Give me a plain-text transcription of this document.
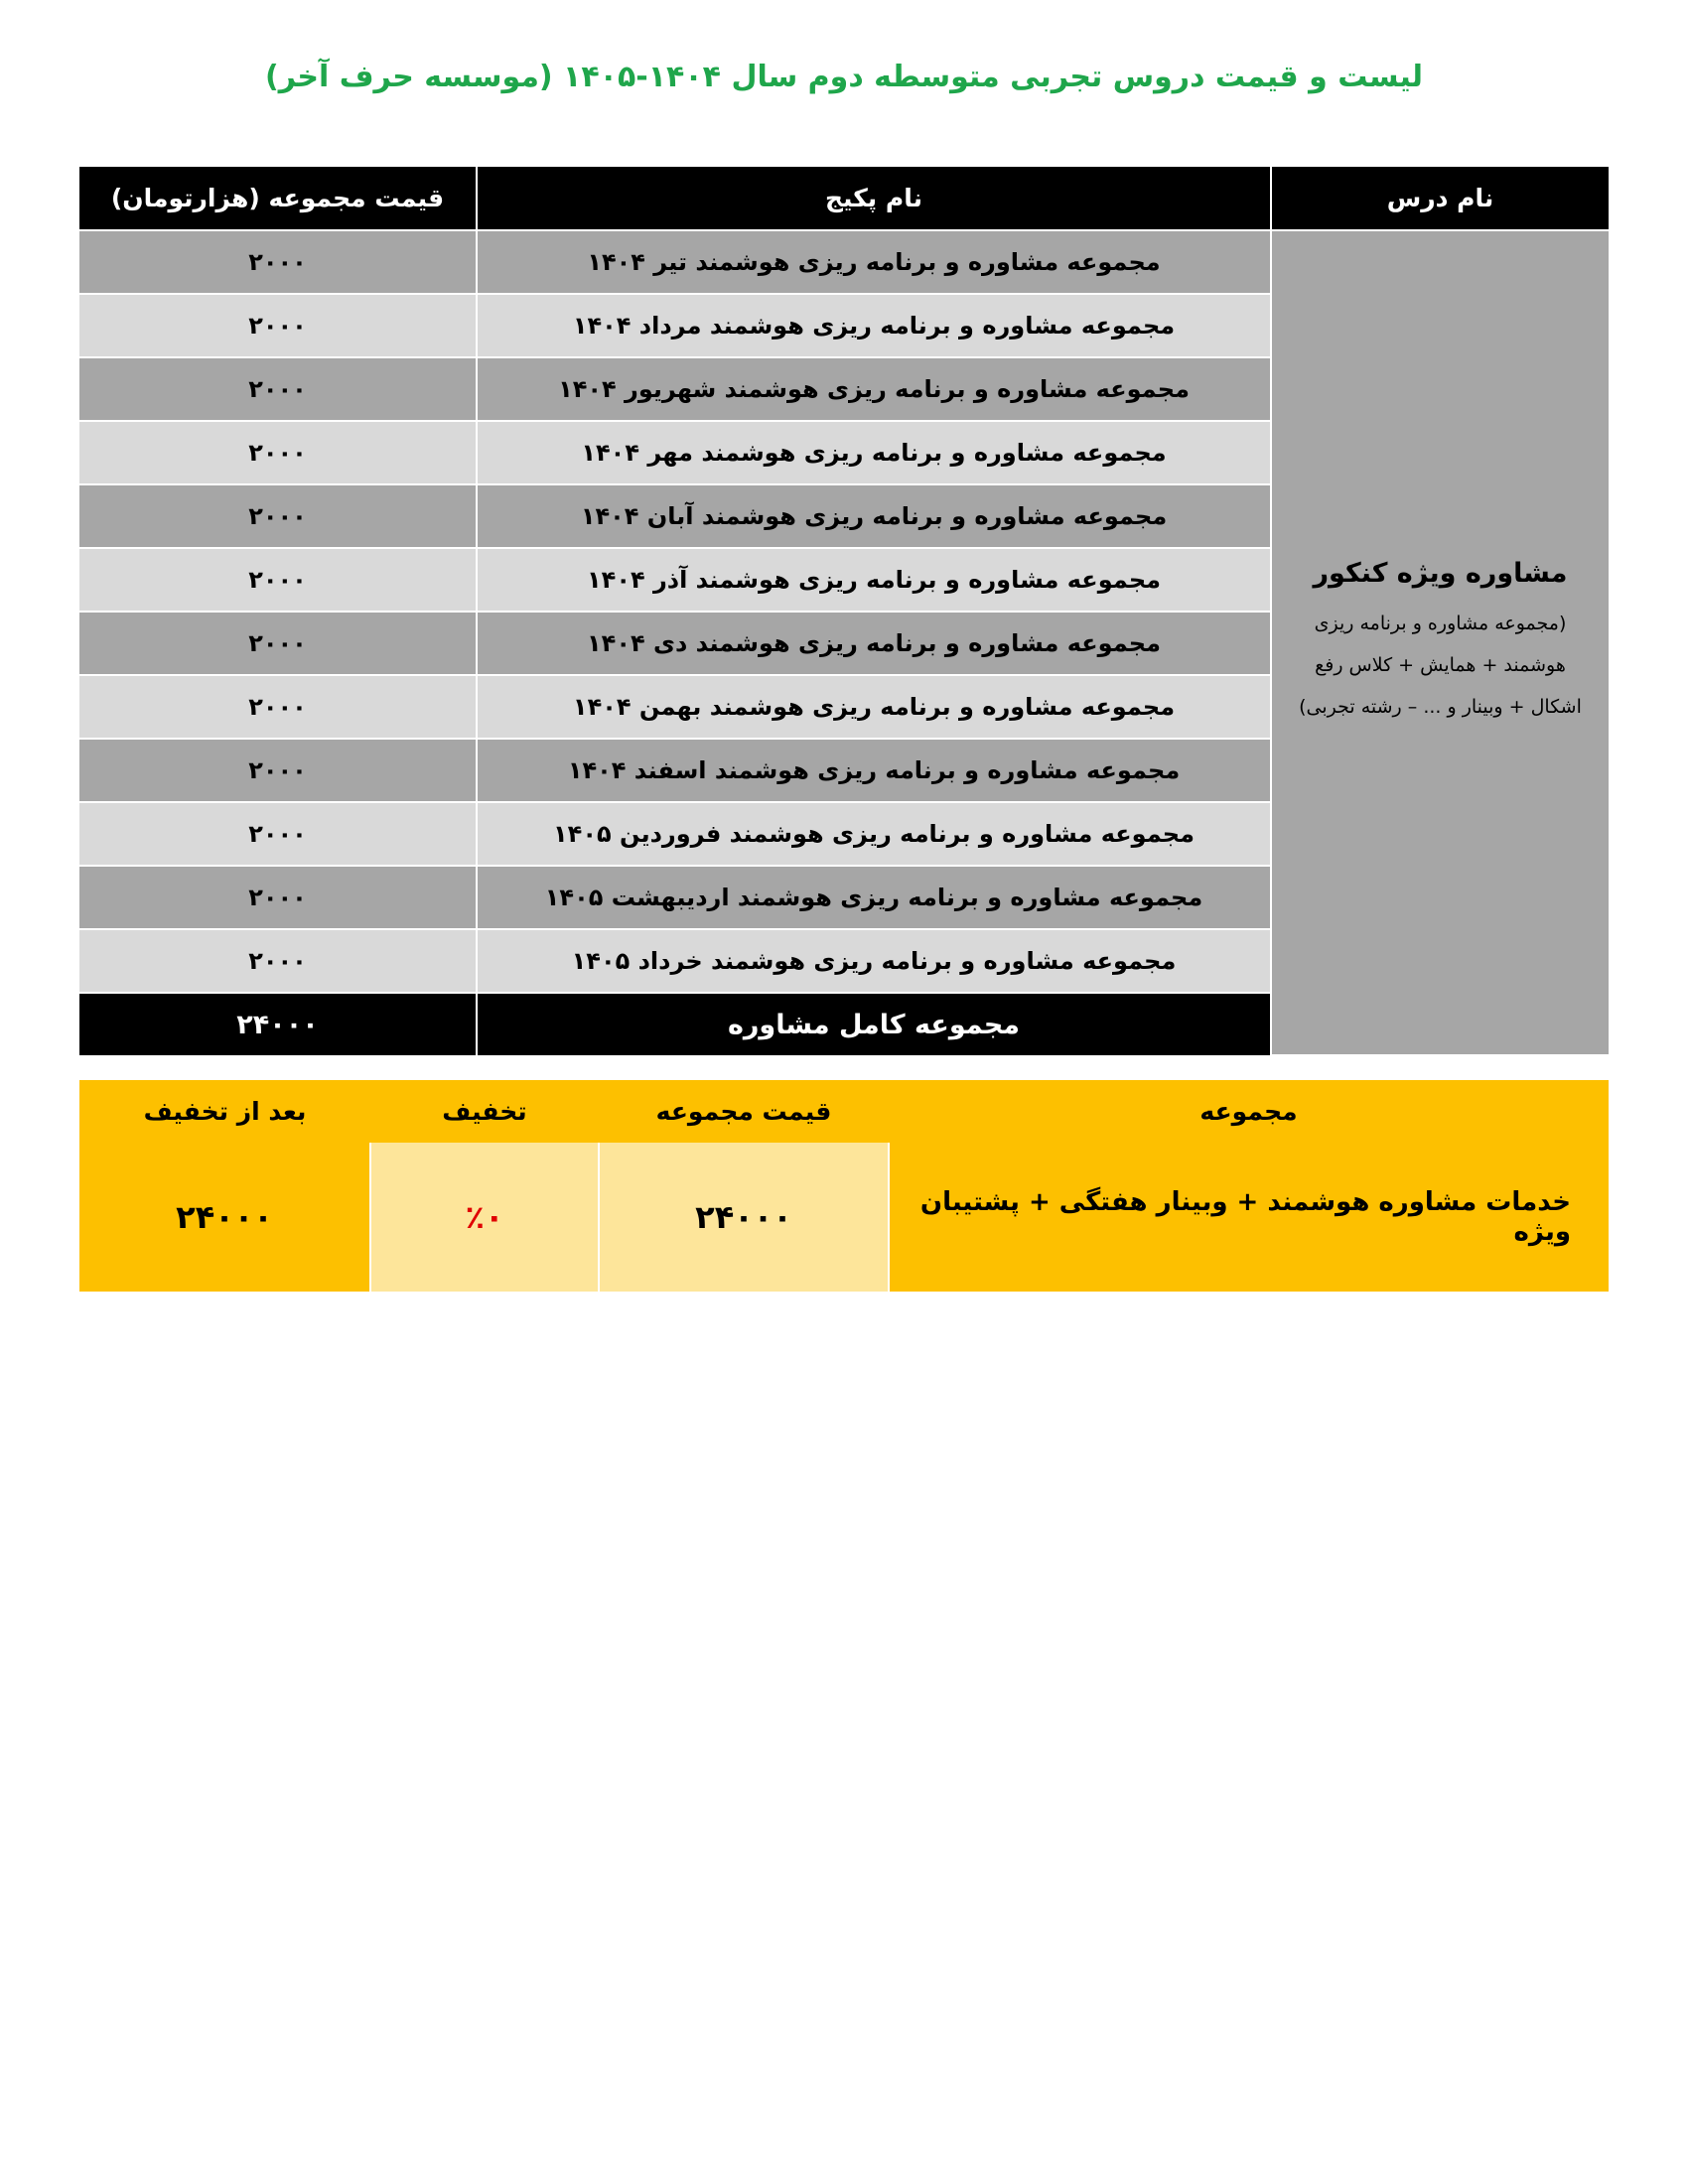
لیست و قیمت دروس تجربی متوسطه دوم سال ۱۴۰۴-۱۴۰۵ (موسسه حرف آخر)
نام درس	نام پکیج	قیمت مجموعه (هزارتومان)

مشاوره ویژه کنکور
(مجموعه مشاوره و برنامه ریزی هوشمند + همایش + کلاس رفع اشکال + وبینار و ... – رشته تجربی)	مجموعه مشاوره و برنامه ریزی هوشمند تیر ۱۴۰۴	۲۰۰۰
	مجموعه مشاوره و برنامه ریزی هوشمند مرداد ۱۴۰۴	۲۰۰۰
	مجموعه مشاوره و برنامه ریزی هوشمند شهریور ۱۴۰۴	۲۰۰۰
	مجموعه مشاوره و برنامه ریزی هوشمند مهر ۱۴۰۴	۲۰۰۰
	مجموعه مشاوره و برنامه ریزی هوشمند آبان ۱۴۰۴	۲۰۰۰
	مجموعه مشاوره و برنامه ریزی هوشمند آذر ۱۴۰۴	۲۰۰۰
	مجموعه مشاوره و برنامه ریزی هوشمند دی ۱۴۰۴	۲۰۰۰
	مجموعه مشاوره و برنامه ریزی هوشمند بهمن ۱۴۰۴	۲۰۰۰
	مجموعه مشاوره و برنامه ریزی هوشمند اسفند ۱۴۰۴	۲۰۰۰
	مجموعه مشاوره و برنامه ریزی هوشمند فروردین ۱۴۰۵	۲۰۰۰
	مجموعه مشاوره و برنامه ریزی هوشمند اردیبهشت ۱۴۰۵	۲۰۰۰
	مجموعه مشاوره و برنامه ریزی هوشمند خرداد ۱۴۰۵	۲۰۰۰
	مجموعه کامل مشاوره	۲۴۰۰۰
مجموعه	قیمت مجموعه	تخفیف	بعد از تخفیف
خدمات مشاوره هوشمند + وبینار هفتگی + پشتیبان ویژه	۲۴۰۰۰	٪۰	۲۴۰۰۰
